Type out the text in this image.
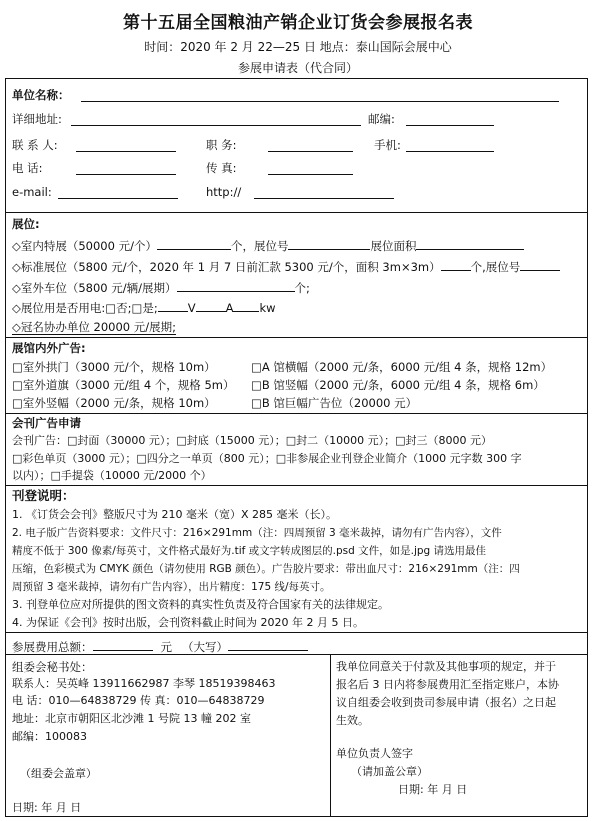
第十五届全国粮油产销企业订货会参展报名表
时间：2020 年 2 月 22—25 日 地点：泰山国际会展中心
参展申请表（代合同）
单位名称：
详细地址:	邮编:
联 系 人:	职 务:	手机:
电 话:	传 真:
e-mail:	http://
展位:
◇室内特展（50000 元/个）	个，展位号	展位面积
◇标准展位（5800 元/个，2020 年 1 月 7 日前汇款 5300 元/个，面积 3m×3m）	个,展位号
◇室外车位（5800 元/辆/展期）	个;
◇展位用是否用电:□否;□是;	V	A kw
◇冠名协办单位 20000 元/展期;
展馆内外广告:
□室外拱门（3000 元/个，规格 10m）	□A 馆横幅（2000 元/条，6000 元/组 4 条，规格 12m）
□室外道旗（3000 元/组 4 个，规格 5m） □B 馆竖幅（2000 元/条，6000 元/组 4 条，规格 6m）
□室外竖幅（2000 元/条，规格 10m）	□B 馆巨幅广告位（20000 元）
会刊广告申请
会刊广告：□封面（30000 元）；□封底（15000 元）；□封二（10000 元）；□封三（8000 元）
□彩色单页（3000 元）；□四分之一单页（800 元）；□非参展企业刊登企业简介（1000 元字数 300 字
以内）；□手提袋（10000 元/2000 个）
刊登说明：
1. 《订货会会刊》整版尺寸为 210 毫米（宽）X 285 毫米（长）。
2. 电子版广告资料要求：文件尺寸：216×291mm（注：四周预留 3 毫米裁掉，请勿有广告内容），文件
精度不低于 300 像素/每英寸，文件格式最好为.tif 或文字转成图层的.psd 文件，如是.jpg 请选用最佳
压缩，色彩模式为 CMYK 颜色（请勿使用 RGB 颜色）。广告胶片要求：带出血尺寸：216×291mm（注：四
周预留 3 毫米裁掉，请勿有广告内容），出片精度：175 线/每英寸。
3. 刊登单位应对所提供的图文资料的真实性负责及符合国家有关的法律规定。
4. 为保证《会刊》按时出版，会刊资料截止时间为 2020 年 2 月 5 日。
参展费用总额：	元 （大写）
组委会秘书处：
联系人：吴英峰 13911662987 李琴 18519398463
电 话：010—64838729 传 真：010—64838729
地址：北京市朝阳区北沙滩 1 号院 13 幢 202 室
邮编：100083
（组委会盖章）
日期: 年 月 日
我单位同意关于付款及其他事项的规定，并于
报名后 3 日内将参展费用汇至指定账户，本协
议自组委会收到贵司参展申请（报名）之日起
生效。
单位负责人签字
（请加盖公章）
日期: 年 月 日
